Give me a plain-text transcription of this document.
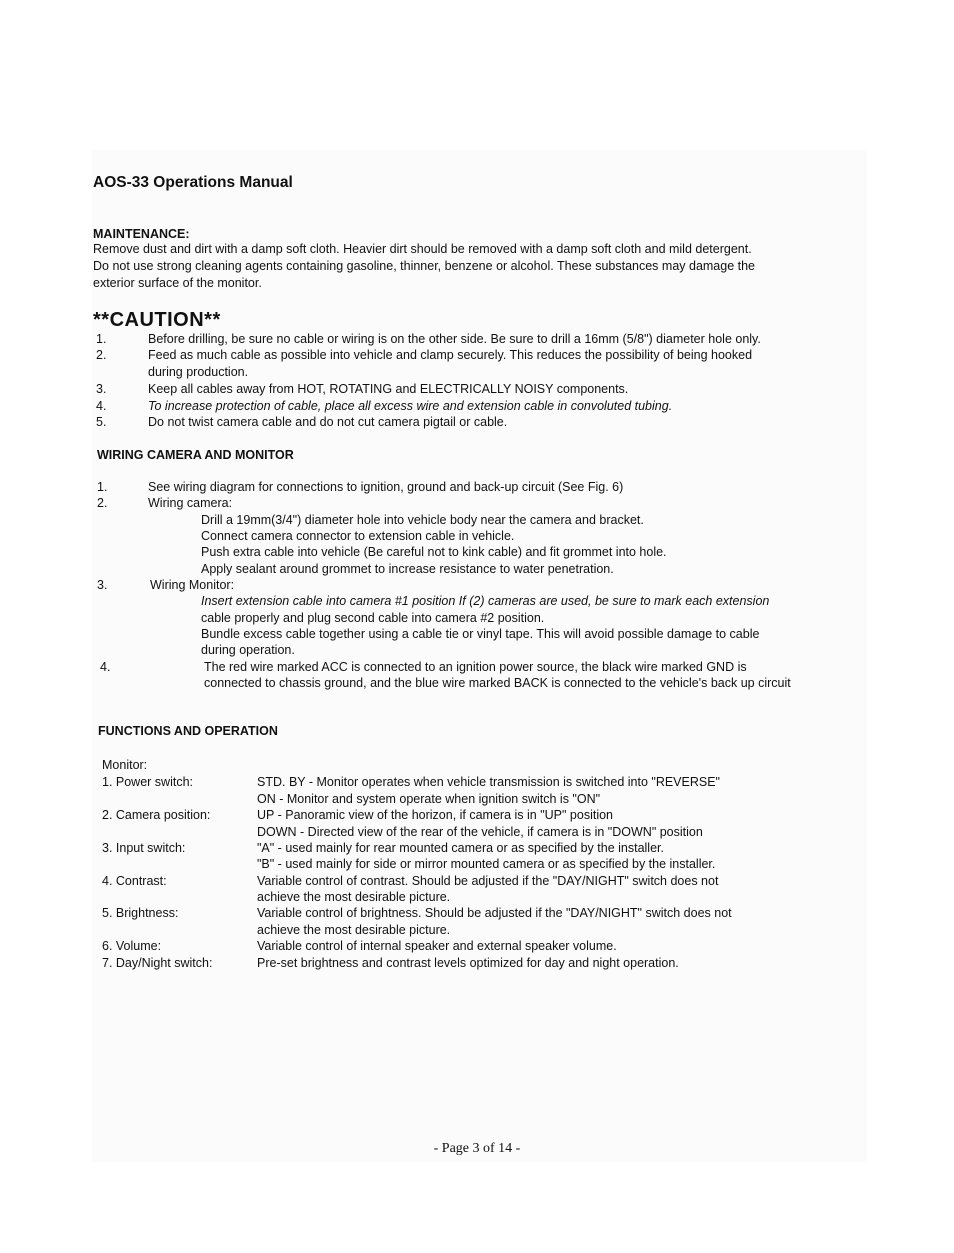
AOS-33 Operations Manual
MAINTENANCE:
Remove dust and dirt with a damp soft cloth. Heavier dirt should be removed with a damp soft cloth and mild detergent.
Do not use strong cleaning agents containing gasoline, thinner, benzene or alcohol. These substances may damage the
exterior surface of the monitor.
**CAUTION**
1.	Before drilling, be sure no cable or wiring is on the other side. Be sure to drill a 16mm (5/8") diameter hole only.
2.	Feed as much cable as possible into vehicle and clamp securely. This reduces the possibility of being hooked
during production.
3.	Keep all cables away from HOT, ROTATING and ELECTRICALLY NOISY components.
4.	To increase protection of cable, place all excess wire and extension cable in convoluted tubing.
5.	Do not twist camera cable and do not cut camera pigtail or cable.
WIRING CAMERA AND MONITOR
1.	See wiring diagram for connections to ignition, ground and back-up circuit (See Fig. 6)
2.	Wiring camera:
Drill a 19mm(3/4") diameter hole into vehicle body near the camera and bracket.
Connect camera connector to extension cable in vehicle.
Push extra cable into vehicle (Be careful not to kink cable) and fit grommet into hole.
Apply sealant around grommet to increase resistance to water penetration.
3.	Wiring Monitor:
Insert extension cable into camera #1 position If (2) cameras are used, be sure to mark each extension
cable properly and plug second cable into camera #2 position.
Bundle excess cable together using a cable tie or vinyl tape. This will avoid possible damage to cable
during operation.
4.	The red wire marked ACC is connected to an ignition power source, the black wire marked GND is
connected to chassis ground, and the blue wire marked BACK is connected to the vehicle's back up circuit
FUNCTIONS AND OPERATION
Monitor:
1. Power switch:	STD. BY - Monitor operates when vehicle transmission is switched into "REVERSE"
ON - Monitor and system operate when ignition switch is "ON"
2. Camera position:	UP - Panoramic view of the horizon, if camera is in "UP" position
DOWN - Directed view of the rear of the vehicle, if camera is in "DOWN" position
3. Input switch:	"A" - used mainly for rear mounted camera or as specified by the installer.
"B" - used mainly for side or mirror mounted camera or as specified by the installer.
4. Contrast:	Variable control of contrast. Should be adjusted if the "DAY/NIGHT" switch does not
achieve the most desirable picture.
5. Brightness:	Variable control of brightness. Should be adjusted if the "DAY/NIGHT" switch does not
achieve the most desirable picture.
6. Volume:	Variable control of internal speaker and external speaker volume.
7. Day/Night switch:	Pre-set brightness and contrast levels optimized for day and night operation.
- Page 3 of 14 -
